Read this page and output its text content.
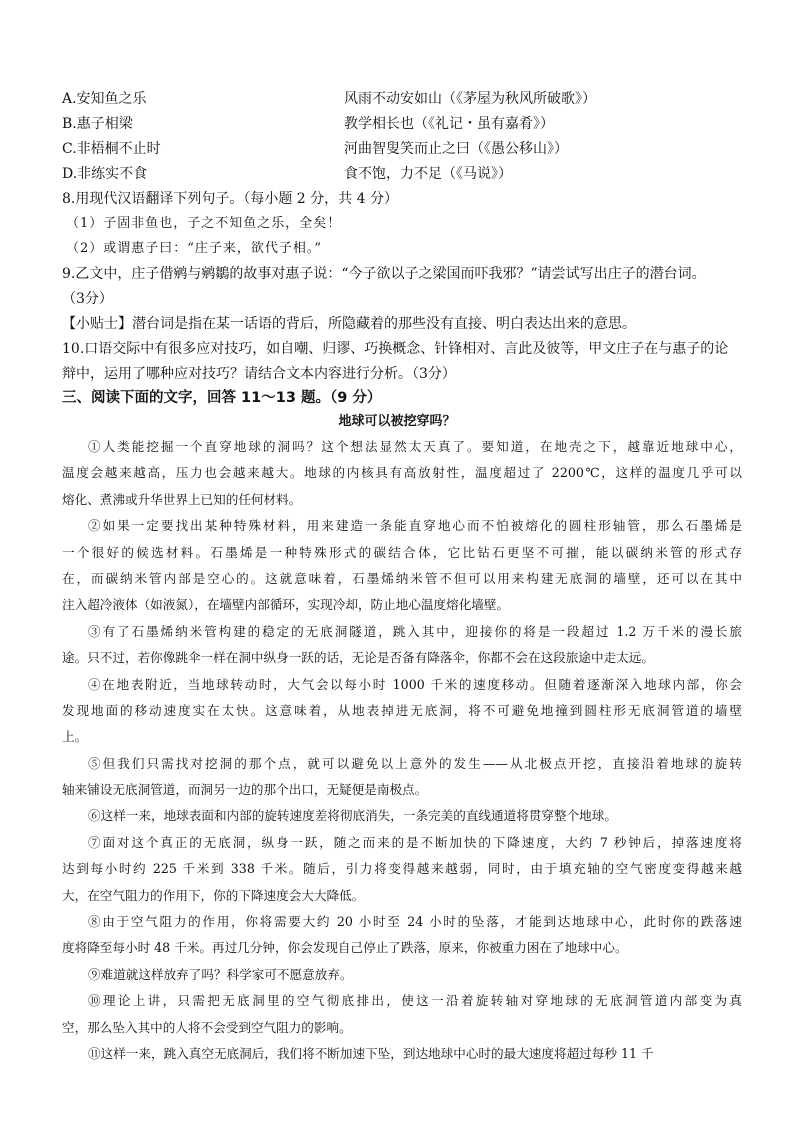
A.安知鱼之乐	风雨不动安如山（《茅屋为秋风所破歌》）
B.惠子相梁	教学相长也（《礼记・虽有嘉肴》）
C.非梧桐不止时	河曲智叟笑而止之曰（《愚公移山》）
D.非练实不食	食不饱，力不足（《马说》）
8.用现代汉语翻译下列句子。（每小题 2 分，共 4 分）
（1）子固非鱼也，子之不知鱼之乐，全矣！
（2）或谓惠子曰：“庄子来，欲代子相。”
9.乙文中，庄子借鹓与鹓鶵的故事对惠子说：“今子欲以子之梁国而吓我邪？”请尝试写出庄子的潜台词。
（3分）
【小贴士】潜台词是指在某一话语的背后，所隐藏着的那些没有直接、明白表达出来的意思。
10.口语交际中有很多应对技巧，如自嘲、归谬、巧换概念、针锋相对、言此及彼等，甲文庄子在与惠子的论
辩中，运用了哪种应对技巧？请结合文本内容进行分析。（3分）
三、阅读下面的文字，回答 11～13 题。（9 分）
地球可以被挖穿吗？
①人类能挖掘一个直穿地球的洞吗？这个想法显然太天真了。要知道，在地壳之下，越靠近地球中心，
温度会越来越高，压力也会越来越大。地球的内核具有高放射性，温度超过了 2200℃，这样的温度几乎可以
熔化、煮沸或升华世界上已知的任何材料。
②如果一定要找出某种特殊材料，用来建造一条能直穿地心而不怕被熔化的圆柱形轴管，那么石墨烯是
一个很好的候选材料。石墨烯是一种特殊形式的碳结合体，它比钻石更坚不可摧，能以碳纳米管的形式存
在，而碳纳米管内部是空心的。这就意味着，石墨烯纳米管不但可以用来构建无底洞的墙壁，还可以在其中
注入超冷液体（如液氮），在墙壁内部循环，实现冷却，防止地心温度熔化墙壁。
③有了石墨烯纳米管构建的稳定的无底洞隧道，跳入其中，迎接你的将是一段超过 1.2 万千米的漫长旅
途。只不过，若你像跳伞一样在洞中纵身一跃的话，无论是否备有降落伞，你都不会在这段旅途中走太远。
④在地表附近，当地球转动时，大气会以每小时 1000 千米的速度移动。但随着逐渐深入地球内部，你会
发现地面的移动速度实在太快。这意味着，从地表掉进无底洞，将不可避免地撞到圆柱形无底洞管道的墙壁
上。
⑤但我们只需找对挖洞的那个点，就可以避免以上意外的发生——从北极点开挖，直接沿着地球的旋转
轴来铺设无底洞管道，而洞另一边的那个出口，无疑便是南极点。
⑥这样一来，地球表面和内部的旋转速度差将彻底消失，一条完美的直线通道将贯穿整个地球。
⑦面对这个真正的无底洞，纵身一跃，随之而来的是不断加快的下降速度，大约 7 秒钟后，掉落速度将
达到每小时约 225 千米到 338 千米。随后，引力将变得越来越弱，同时，由于填充轴的空气密度变得越来越
大，在空气阻力的作用下，你的下降速度会大大降低。
⑧由于空气阻力的作用，你将需要大约 20 小时至 24 小时的坠落，才能到达地球中心，此时你的跌落速
度将降至每小时 48 千米。再过几分钟，你会发现自己停止了跌落，原来，你被重力困在了地球中心。
⑨难道就这样放弃了吗？科学家可不愿意放弃。
⑩理论上讲，只需把无底洞里的空气彻底排出，使这一沿着旋转轴对穿地球的无底洞管道内部变为真
空，那么坠入其中的人将不会受到空气阻力的影响。
⑪这样一来，跳入真空无底洞后，我们将不断加速下坠，到达地球中心时的最大速度将超过每秒 11 千
